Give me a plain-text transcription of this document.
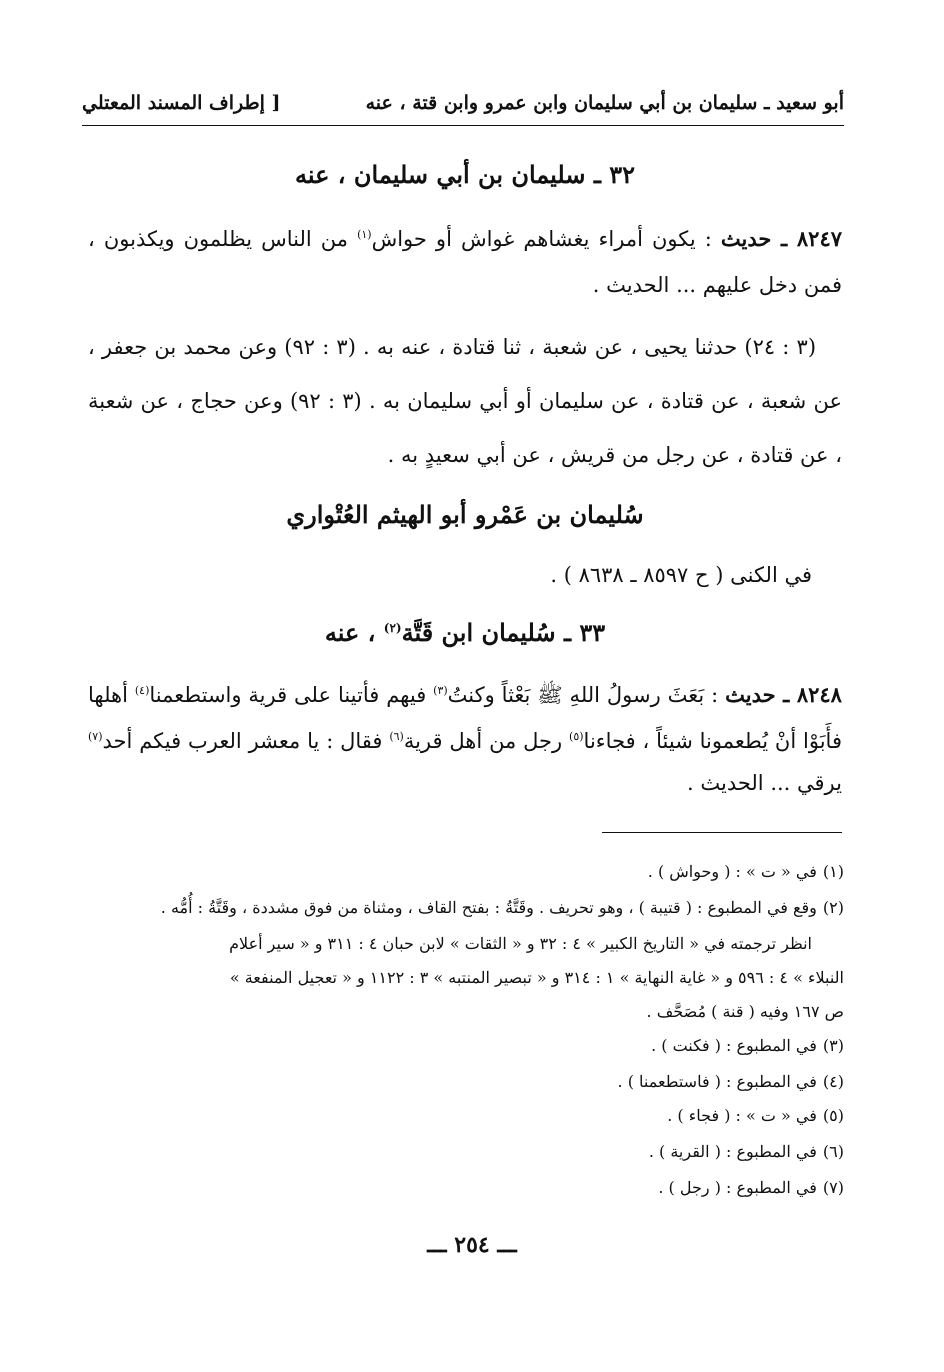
أبو سعيد ـ سليمان بن أبي سليمان وابن عمرو وابن قتة ، عنه
[ إطراف المسند المعتلي
٣٢ ـ سليمان بن أبي سليمان ، عنه
٨٢٤٧ ـ حديث : يكون أمراء يغشاهم غواش أو حواش$^{(١)}$ من الناس يظلمون ويكذبون ، فمن دخل عليهم ... الحديث .
(٣ : ٢٤) حدثنا يحيى ، عن شعبة ، ثنا قتادة ، عنه به . (٣ : ٩٢) وعن محمد بن جعفر ، عن شعبة ، عن قتادة ، عن سليمان أو أبي سليمان به . (٣ : ٩٢) وعن حجاج ، عن شعبة ، عن قتادة ، عن رجل من قريش ، عن أبي سعيدٍ به .
سُليمان بن عَمْرو أبو الهيثم العُتْواري
في الكنى ( ح ٨٥٩٧ ـ ٨٦٣٨ ) .
٣٣ ـ سُليمان ابن قَتَّة$^{(٢)}$ ، عنه
٨٢٤٨ ـ حديث : بَعَثَ رسولُ اللهِ ﷺ بَعْثاً وكنتُ$^{(٣)}$ فيهم فأتينا على قرية واستطعمنا$^{(٤)}$ أهلها فأَبَوْا أنْ يُطعمونا شيئاً ، فجاءنا$^{(٥)}$ رجل من أهل قرية$^{(٦)}$ فقال : يا معشر العرب فيكم أحد$^{(٧)}$ يرقي ... الحديث .
(١)في « ت » : ( وحواش ) .
(٢)وقع في المطبوع : ( قتيبة ) ، وهو تحريف . وقَتَّةُ : بفتح القاف ، ومثناة من فوق مشددة ، وقَتَّةُ : أُمُّه .
انظر ترجمته في « التاريخ الكبير » ٤ : ٣٢ و « الثقات » لابن حبان ٤ : ٣١١ و « سير أعلام
النبلاء » ٤ : ٥٩٦ و « غاية النهاية » ١ : ٣١٤ و « تبصير المنتبه » ٣ : ١١٢٢ و « تعجيل المنفعة »
ص ١٦٧ وفيه ( قنة ) مُصَحَّف .
(٣)في المطبوع : ( فكنت ) .
(٤)في المطبوع : ( فاستطعمنا ) .
(٥)في « ت » : ( فجاء ) .
(٦)في المطبوع : ( القرية ) .
(٧)في المطبوع : ( رجل ) .
ـــ ٢٥٤ ـــ
